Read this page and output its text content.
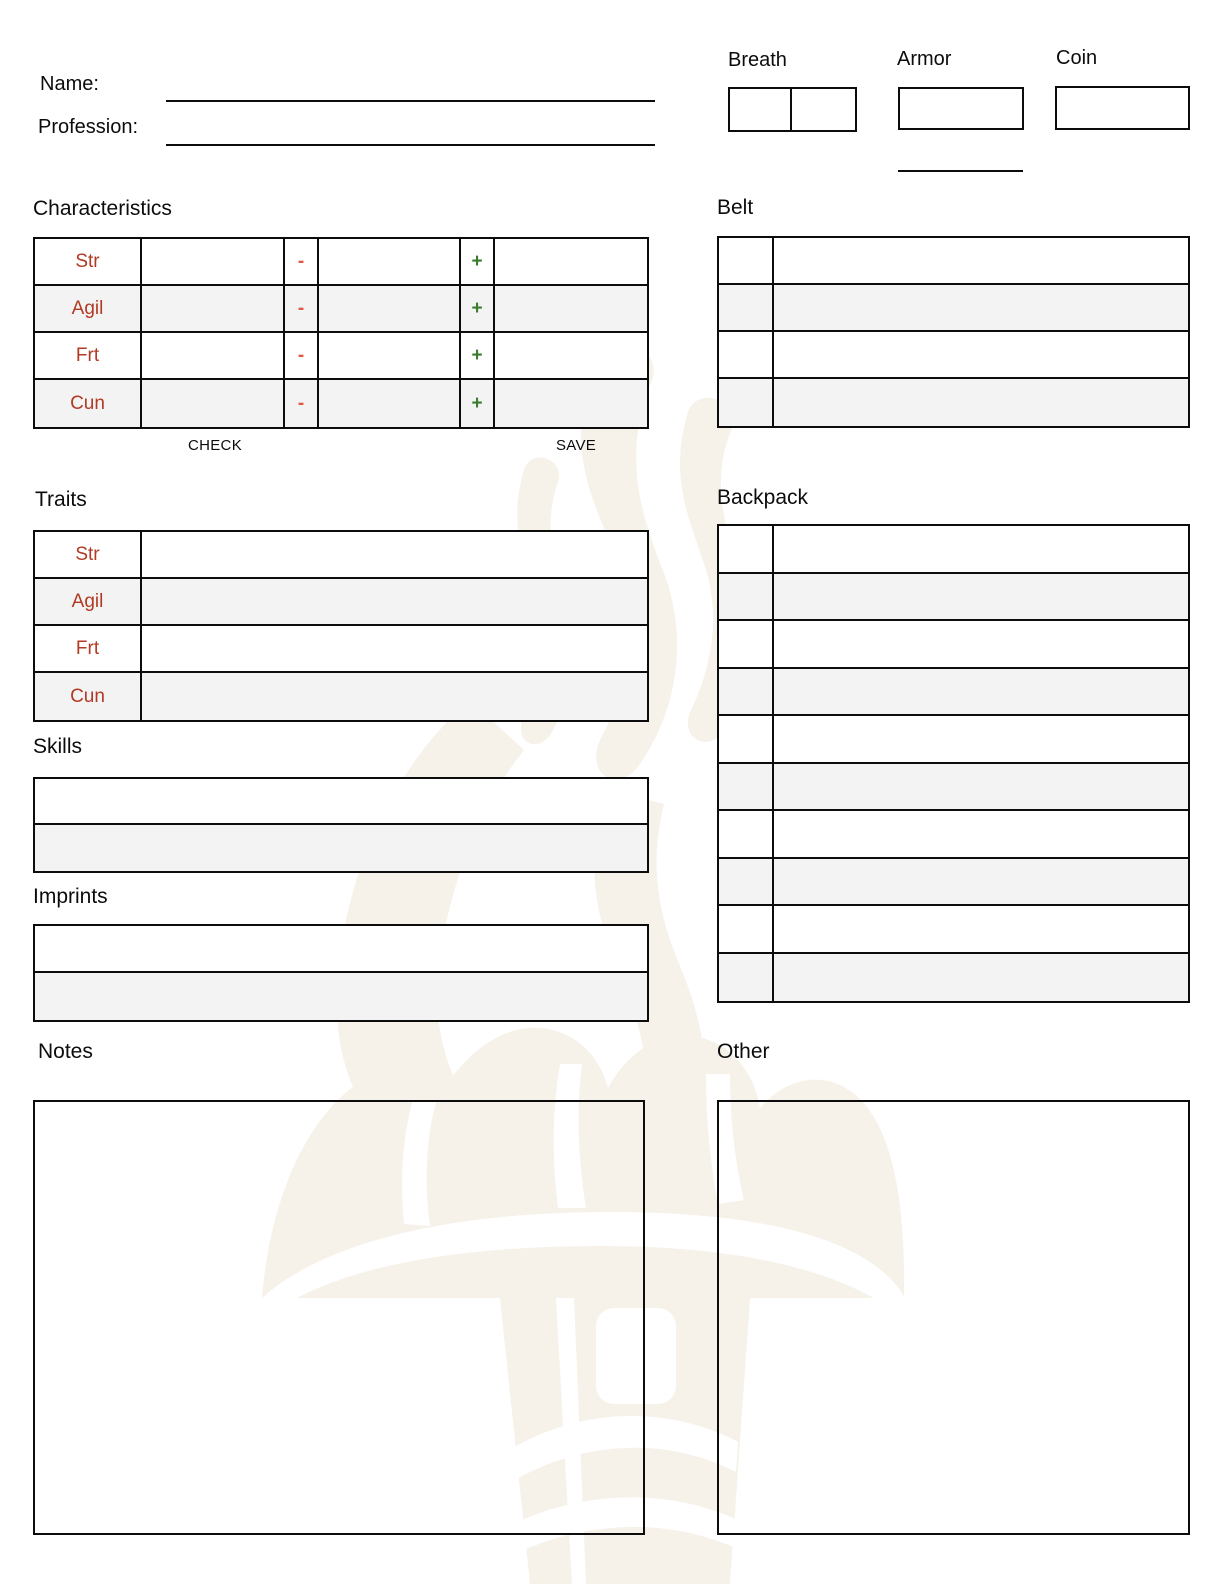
Name:
Profession:
Breath	Armor	Coin
Characteristics
Str	-	+
Agil	-	+
Frt	-	+
Cun	-	+
CHECK	SAVE
Traits
Str
Agil
Frt
Cun
Skills
Imprints
Notes
Belt
Backpack
Other
